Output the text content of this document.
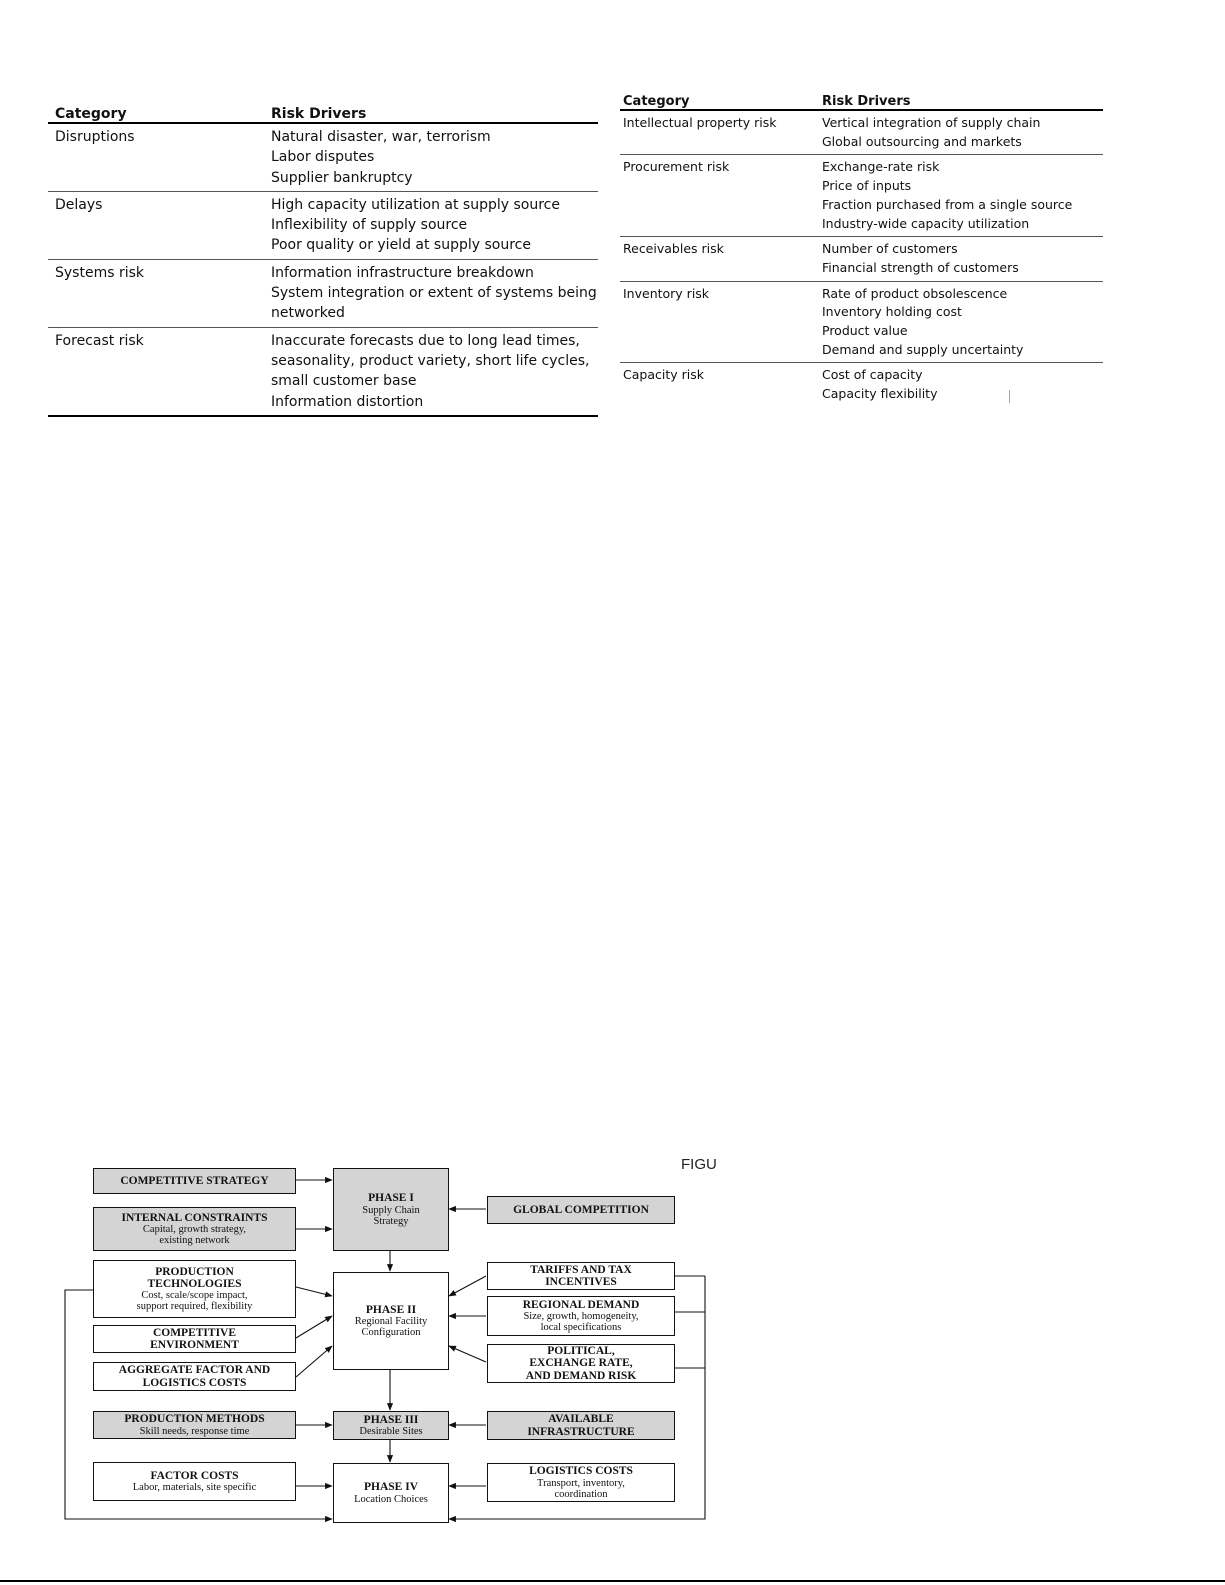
Category	Risk Drivers
Disruptions	Natural disaster, war, terrorism
Labor disputes
Supplier bankruptcy

Delays	High capacity utilization at supply source
Inflexibility of supply source
Poor quality or yield at supply source

Systems risk	Information infrastructure breakdown
System integration or extent of systems being
networked

Forecast risk	Inaccurate forecasts due to long lead times,
seasonality, product variety, short life cycles,
small customer base
Information distortion
Category	Risk Drivers
Intellectual property risk	Vertical integration of supply chain
Global outsourcing and markets

Procurement risk	Exchange-rate risk
Price of inputs
Fraction purchased from a single source
Industry-wide capacity utilization

Receivables risk	Number of customers
Financial strength of customers

Inventory risk	Rate of product obsolescence
Inventory holding cost
Product value
Demand and supply uncertainty

Capacity risk	Cost of capacity
Capacity flexibility
FIGU
COMPETITIVE STRATEGY
INTERNAL CONSTRAINTS
Capital, growth strategy,
existing network
PRODUCTION
TECHNOLOGIES
Cost, scale/scope impact,
support required, flexibility
COMPETITIVE
ENVIRONMENT
AGGREGATE FACTOR AND
LOGISTICS COSTS
PRODUCTION METHODS
Skill needs, response time
FACTOR COSTS
Labor, materials, site specific
PHASE I
Supply Chain
Strategy
PHASE II
Regional Facility
Configuration
PHASE III
Desirable Sites
PHASE IV
Location Choices
GLOBAL COMPETITION
TARIFFS AND TAX
INCENTIVES
REGIONAL DEMAND
Size, growth, homogeneity,
local specifications
POLITICAL,
EXCHANGE RATE,
AND DEMAND RISK
AVAILABLE
INFRASTRUCTURE
LOGISTICS COSTS
Transport, inventory,
coordination
